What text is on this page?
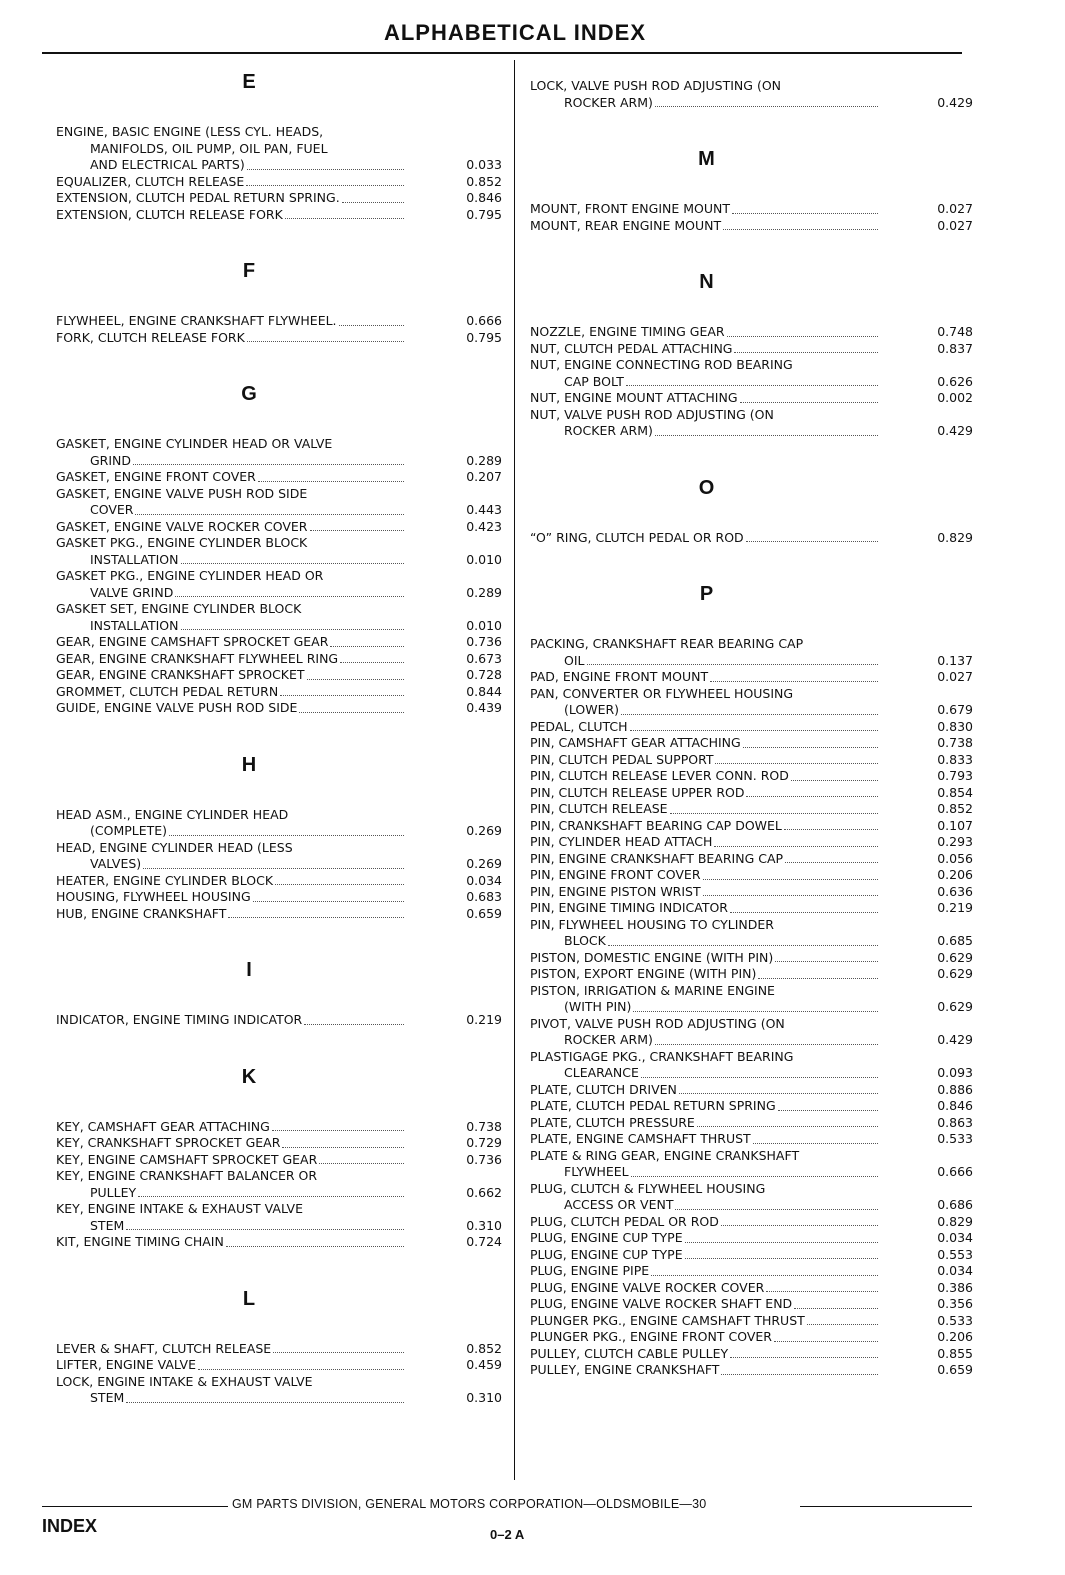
ALPHABETICAL INDEX
E
ENGINE, BASIC ENGINE (LESS CYL. HEADS,
MANIFOLDS, OIL PUMP, OIL PAN, FUEL
AND ELECTRICAL PARTS)	0.033
EQUALIZER, CLUTCH RELEASE	0.852
EXTENSION, CLUTCH PEDAL RETURN SPRING.	0.846
EXTENSION, CLUTCH RELEASE FORK	0.795
F
FLYWHEEL, ENGINE CRANKSHAFT FLYWHEEL.	0.666
FORK, CLUTCH RELEASE FORK	0.795
G
GASKET, ENGINE CYLINDER HEAD OR VALVE
GRIND	0.289
GASKET, ENGINE FRONT COVER	0.207
GASKET, ENGINE VALVE PUSH ROD SIDE
COVER	0.443
GASKET, ENGINE VALVE ROCKER COVER	0.423
GASKET PKG., ENGINE CYLINDER BLOCK
INSTALLATION	0.010
GASKET PKG., ENGINE CYLINDER HEAD OR
VALVE GRIND	0.289
GASKET SET, ENGINE CYLINDER BLOCK
INSTALLATION	0.010
GEAR, ENGINE CAMSHAFT SPROCKET GEAR	0.736
GEAR, ENGINE CRANKSHAFT FLYWHEEL RING	0.673
GEAR, ENGINE CRANKSHAFT SPROCKET	0.728
GROMMET, CLUTCH PEDAL RETURN	0.844
GUIDE, ENGINE VALVE PUSH ROD SIDE	0.439
H
HEAD ASM., ENGINE CYLINDER HEAD
(COMPLETE)	0.269
HEAD, ENGINE CYLINDER HEAD (LESS
VALVES)	0.269
HEATER, ENGINE CYLINDER BLOCK	0.034
HOUSING, FLYWHEEL HOUSING	0.683
HUB, ENGINE CRANKSHAFT	0.659
I
INDICATOR, ENGINE TIMING INDICATOR	0.219
K
KEY, CAMSHAFT GEAR ATTACHING	0.738
KEY, CRANKSHAFT SPROCKET GEAR	0.729
KEY, ENGINE CAMSHAFT SPROCKET GEAR	0.736
KEY, ENGINE CRANKSHAFT BALANCER OR
PULLEY	0.662
KEY, ENGINE INTAKE & EXHAUST VALVE
STEM	0.310
KIT, ENGINE TIMING CHAIN	0.724
L
LEVER & SHAFT, CLUTCH RELEASE	0.852
LIFTER, ENGINE VALVE	0.459
LOCK, ENGINE INTAKE & EXHAUST VALVE
STEM	0.310
LOCK, VALVE PUSH ROD ADJUSTING (ON
ROCKER ARM)	0.429
M
MOUNT, FRONT ENGINE MOUNT	0.027
MOUNT, REAR ENGINE MOUNT	0.027
N
NOZZLE, ENGINE TIMING GEAR	0.748
NUT, CLUTCH PEDAL ATTACHING	0.837
NUT, ENGINE CONNECTING ROD BEARING
CAP BOLT	0.626
NUT, ENGINE MOUNT ATTACHING	0.002
NUT, VALVE PUSH ROD ADJUSTING (ON
ROCKER ARM)	0.429
O
“O” RING, CLUTCH PEDAL OR ROD	0.829
P
PACKING, CRANKSHAFT REAR BEARING CAP
OIL	0.137
PAD, ENGINE FRONT MOUNT	0.027
PAN, CONVERTER OR FLYWHEEL HOUSING
(LOWER)	0.679
PEDAL, CLUTCH	0.830
PIN, CAMSHAFT GEAR ATTACHING	0.738
PIN, CLUTCH PEDAL SUPPORT	0.833
PIN, CLUTCH RELEASE LEVER CONN. ROD	0.793
PIN, CLUTCH RELEASE UPPER ROD	0.854
PIN, CLUTCH RELEASE	0.852
PIN, CRANKSHAFT BEARING CAP DOWEL	0.107
PIN, CYLINDER HEAD ATTACH	0.293
PIN, ENGINE CRANKSHAFT BEARING CAP	0.056
PIN, ENGINE FRONT COVER	0.206
PIN, ENGINE PISTON WRIST	0.636
PIN, ENGINE TIMING INDICATOR	0.219
PIN, FLYWHEEL HOUSING TO CYLINDER
BLOCK	0.685
PISTON, DOMESTIC ENGINE (WITH PIN)	0.629
PISTON, EXPORT ENGINE (WITH PIN)	0.629
PISTON, IRRIGATION & MARINE ENGINE
(WITH PIN)	0.629
PIVOT, VALVE PUSH ROD ADJUSTING (ON
ROCKER ARM)	0.429
PLASTIGAGE PKG., CRANKSHAFT BEARING
CLEARANCE	0.093
PLATE, CLUTCH DRIVEN	0.886
PLATE, CLUTCH PEDAL RETURN SPRING	0.846
PLATE, CLUTCH PRESSURE	0.863
PLATE, ENGINE CAMSHAFT THRUST	0.533
PLATE & RING GEAR, ENGINE CRANKSHAFT
FLYWHEEL	0.666
PLUG, CLUTCH & FLYWHEEL HOUSING
ACCESS OR VENT	0.686
PLUG, CLUTCH PEDAL OR ROD	0.829
PLUG, ENGINE CUP TYPE	0.034
PLUG, ENGINE CUP TYPE	0.553
PLUG, ENGINE PIPE	0.034
PLUG, ENGINE VALVE ROCKER COVER	0.386
PLUG, ENGINE VALVE ROCKER SHAFT END	0.356
PLUNGER PKG., ENGINE CAMSHAFT THRUST	0.533
PLUNGER PKG., ENGINE FRONT COVER	0.206
PULLEY, CLUTCH CABLE PULLEY	0.855
PULLEY, ENGINE CRANKSHAFT	0.659
GM PARTS DIVISION, GENERAL MOTORS CORPORATION—OLDSMOBILE—30
INDEX	0–2 A
